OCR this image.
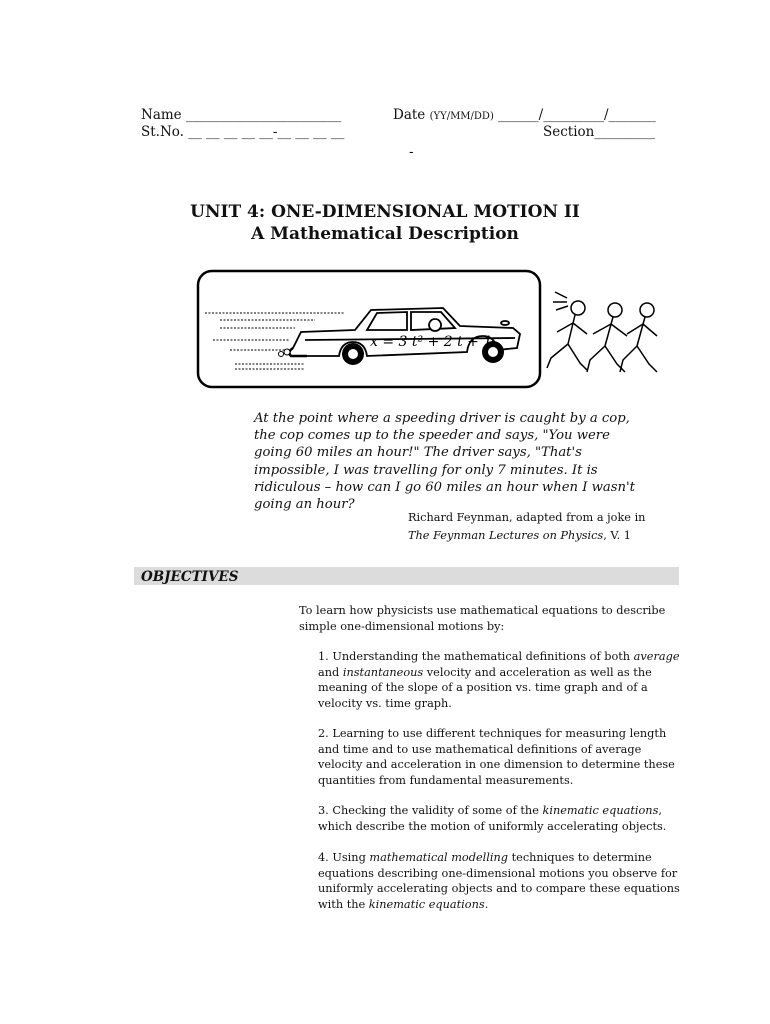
Name _______________________	Date (YY/MM/DD) ______/_________/_______
St.No. __ __ __ __ __-__ __ __ __	Section_________
-
UNIT 4: ONE-DIMENSIONAL MOTION II
A Mathematical Description
x = 3 t² + 2 t + 1
At the point where a speeding driver is caught by a cop, the cop comes up to the speeder and says, "You were going 60 miles an hour!" The driver says, "That's impossible, I was travelling for only 7 minutes. It is ridiculous – how can I go 60 miles an hour when I wasn't going an hour?
Richard Feynman, adapted from a joke in
The Feynman Lectures on Physics, V. 1
OBJECTIVES
To learn how physicists use mathematical equations to describe simple one-dimensional motions by:
1. Understanding the mathematical definitions of both average and instantaneous velocity and acceleration as well as the meaning of the slope of a position vs. time graph and of a velocity vs. time graph.
2. Learning to use different techniques for measuring length and time and to use mathematical definitions of average velocity and acceleration in one dimension to determine these quantities from fundamental measurements.
3. Checking the validity of some of the kinematic equations, which describe the motion of uniformly accelerating objects.
4. Using mathematical modelling techniques to determine equations describing one-dimensional motions you observe for uniformly accelerating objects and to compare these equations with the kinematic equations.
